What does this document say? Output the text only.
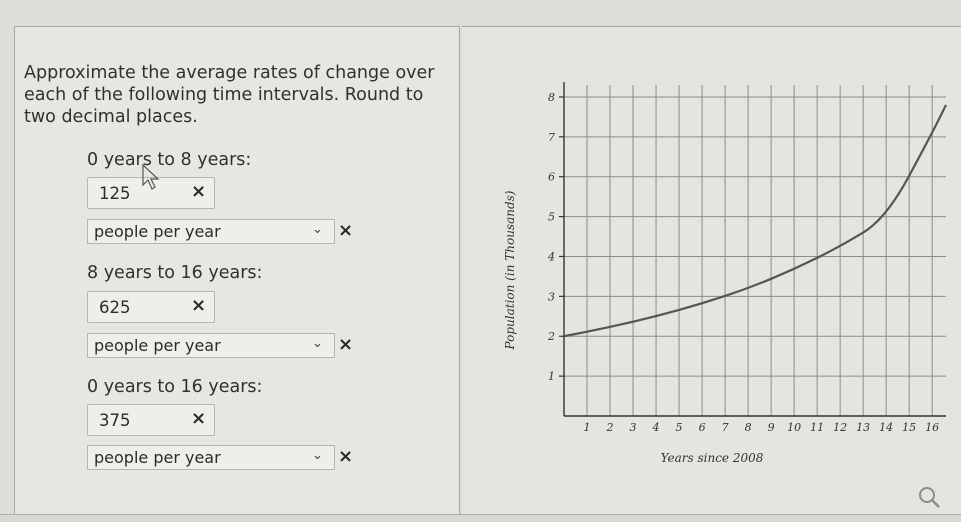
Approximate the average rates of change over each of the following time intervals. Round to two decimal places.
0 years to 8 years:
125	×
people per year	⌄ ×
8 years to 16 years:
625	×
people per year	⌄ ×
0 years to 16 years:
375	×
people per year	⌄ ×
1 2 3 4 5 6 7 8 9 10 11 12 13 14 15 16
1
2
3
4
5
6
7
8
Population (in Thousands)
Years since 2008
